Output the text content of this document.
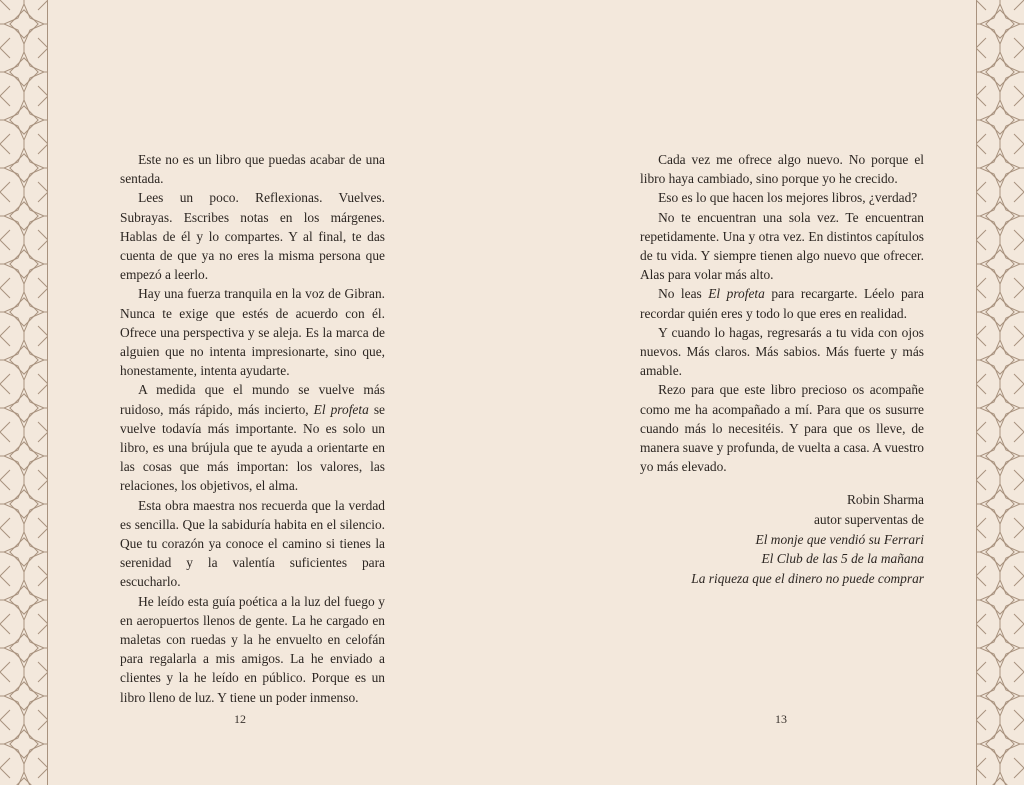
Este no es un libro que puedas acabar de una sentada.

Lees un poco. Reflexionas. Vuelves. Subrayas. Escribes notas en los márgenes. Hablas de él y lo compartes. Y al final, te das cuenta de que ya no eres la misma persona que empezó a leerlo.

Hay una fuerza tranquila en la voz de Gibran. Nunca te exige que estés de acuerdo con él. Ofrece una perspectiva y se aleja. Es la marca de alguien que no intenta impresionarte, sino que, honestamente, intenta ayudarte.

A medida que el mundo se vuelve más ruidoso, más rápido, más incierto, El profeta se vuelve todavía más importante. No es solo un libro, es una brújula que te ayuda a orientarte en las cosas que más importan: los valores, las relaciones, los objetivos, el alma.

Esta obra maestra nos recuerda que la verdad es sencilla. Que la sabiduría habita en el silencio. Que tu corazón ya conoce el camino si tienes la serenidad y la valentía suficientes para escucharlo.

He leído esta guía poética a la luz del fuego y en aeropuertos llenos de gente. La he cargado en maletas con ruedas y la he envuelto en celofán para regalarla a mis amigos. La he enviado a clientes y la he leído en público. Porque es un libro lleno de luz. Y tiene un poder inmenso.

Cada vez me ofrece algo nuevo. No porque el libro haya cambiado, sino porque yo he crecido.

Eso es lo que hacen los mejores libros, ¿verdad?

No te encuentran una sola vez. Te encuentran repetidamente. Una y otra vez. En distintos capítulos de tu vida. Y siempre tienen algo nuevo que ofrecer. Alas para volar más alto.

No leas El profeta para recargarte. Léelo para recordar quién eres y todo lo que eres en realidad.

Y cuando lo hagas, regresarás a tu vida con ojos nuevos. Más claros. Más sabios. Más fuerte y más amable.

Rezo para que este libro precioso os acompañe como me ha acompañado a mí. Para que os susurre cuando más lo necesitéis. Y para que os lleve, de manera suave y profunda, de vuelta a casa. A vuestro yo más elevado.

Robin Sharma
autor superventas de
El monje que vendió su Ferrari
El Club de las 5 de la mañana
La riqueza que el dinero no puede comprar
12	13
